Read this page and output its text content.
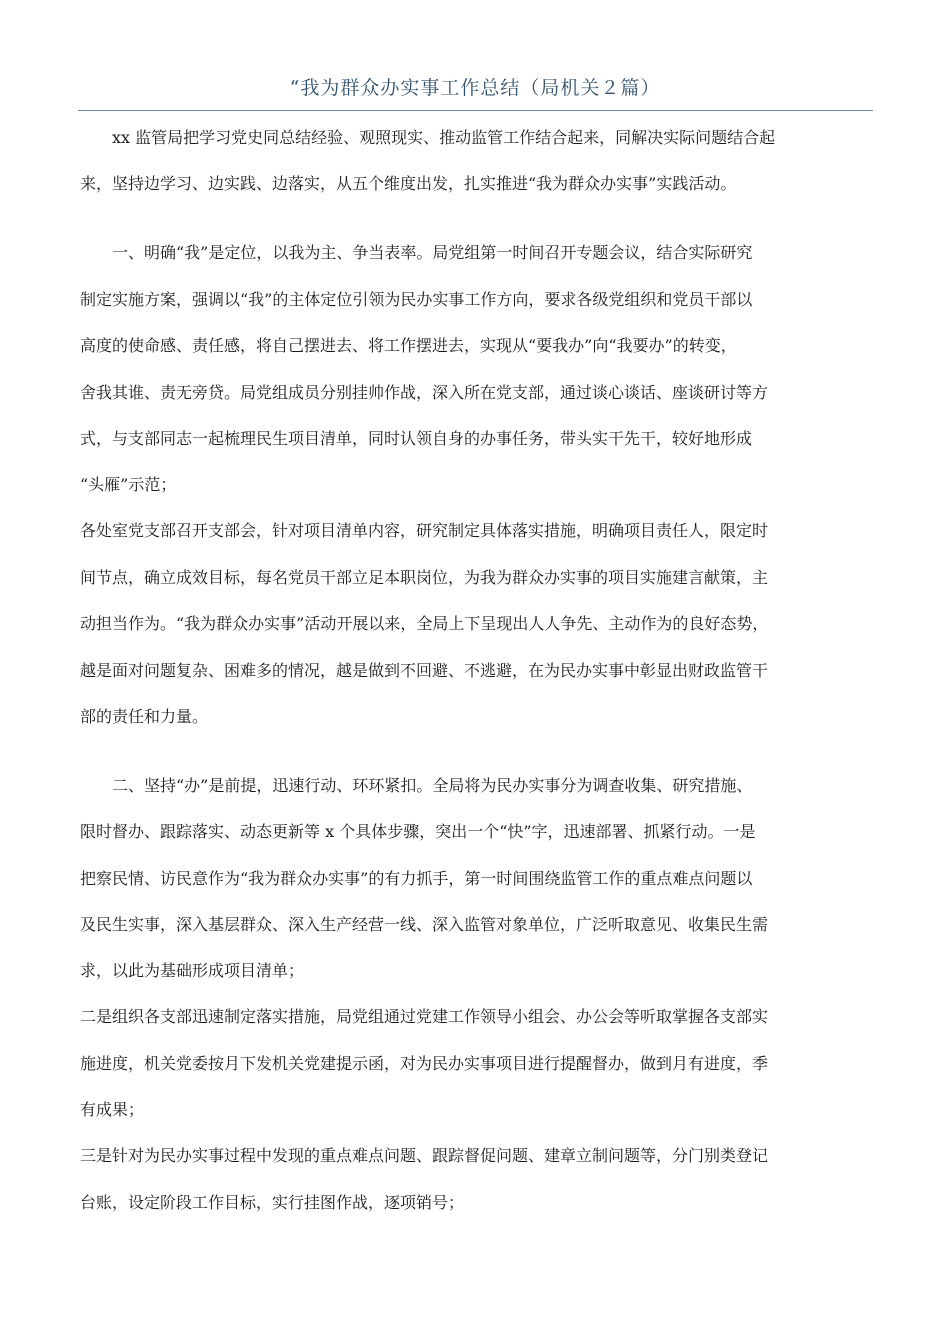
“我为群众办实事工作总结（局机关２篇）
　　xx 监管局把学习党史同总结经验、观照现实、推动监管工作结合起来，同解决实际问题结合起
来，坚持边学习、边实践、边落实，从五个维度出发，扎实推进“我为群众办实事”实践活动。
　　一、明确“我”是定位，以我为主、争当表率。局党组第一时间召开专题会议，结合实际研究
制定实施方案，强调以“我”的主体定位引领为民办实事工作方向，要求各级党组织和党员干部以
高度的使命感、责任感，将自己摆进去、将工作摆进去，实现从“要我办”向“我要办”的转变，
舍我其谁、责无旁贷。局党组成员分别挂帅作战，深入所在党支部，通过谈心谈话、座谈研讨等方
式，与支部同志一起梳理民生项目清单，同时认领自身的办事任务，带头实干先干，较好地形成
“头雁”示范；
各处室党支部召开支部会，针对项目清单内容，研究制定具体落实措施，明确项目责任人，限定时
间节点，确立成效目标，每名党员干部立足本职岗位，为我为群众办实事的项目实施建言献策，主
动担当作为。“我为群众办实事”活动开展以来，全局上下呈现出人人争先、主动作为的良好态势，
越是面对问题复杂、困难多的情况，越是做到不回避、不逃避，在为民办实事中彰显出财政监管干
部的责任和力量。
　　二、坚持“办”是前提，迅速行动、环环紧扣。全局将为民办实事分为调查收集、研究措施、
限时督办、跟踪落实、动态更新等 x 个具体步骤，突出一个“快”字，迅速部署、抓紧行动。一是
把察民情、访民意作为“我为群众办实事”的有力抓手，第一时间围绕监管工作的重点难点问题以
及民生实事，深入基层群众、深入生产经营一线、深入监管对象单位，广泛听取意见、收集民生需
求，以此为基础形成项目清单；
二是组织各支部迅速制定落实措施，局党组通过党建工作领导小组会、办公会等听取掌握各支部实
施进度，机关党委按月下发机关党建提示函，对为民办实事项目进行提醒督办，做到月有进度，季
有成果；
三是针对为民办实事过程中发现的重点难点问题、跟踪督促问题、建章立制问题等，分门别类登记
台账，设定阶段工作目标，实行挂图作战，逐项销号；
